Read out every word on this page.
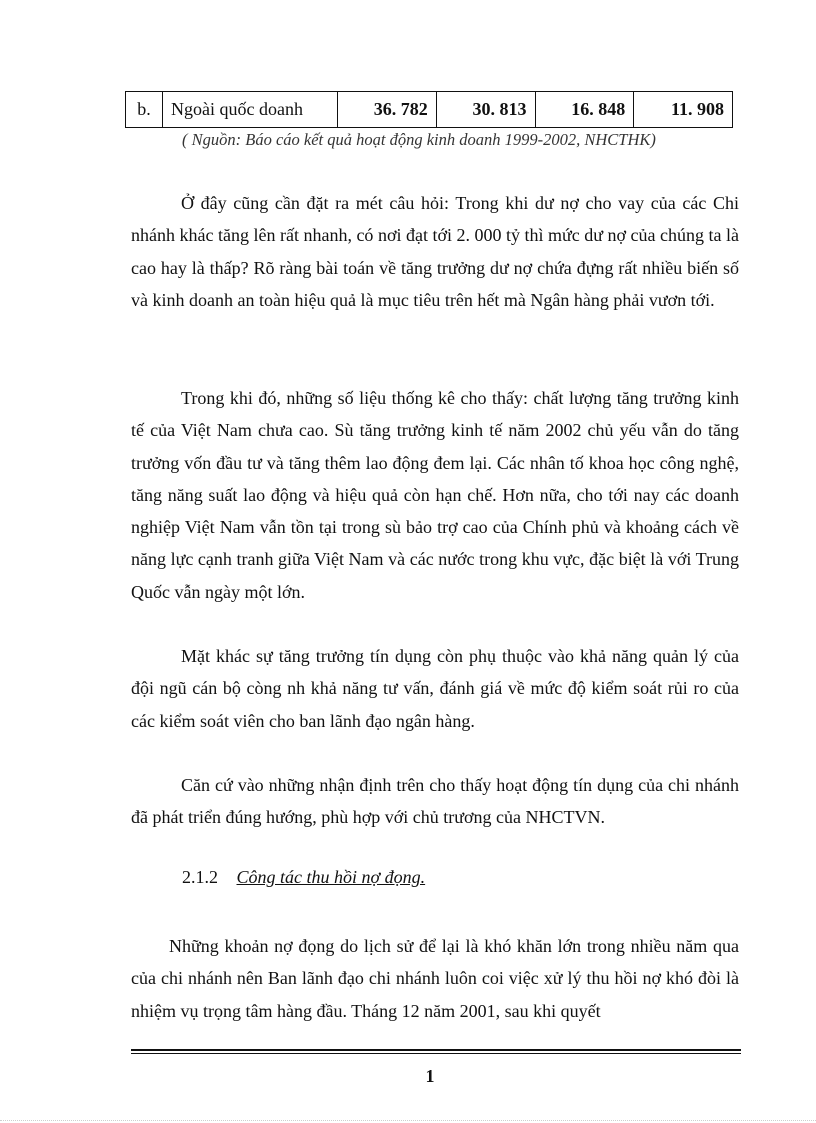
b.	Ngoài quốc doanh	36. 782	30. 813	16. 848	11. 908
( Nguồn: Báo cáo kết quả hoạt động kinh doanh 1999-2002, NHCTHK)

Ở đây cũng cần đặt ra mét câu hỏi: Trong khi dư nợ cho vay của các Chi nhánh khác tăng lên rất nhanh, có nơi đạt tới 2. 000 tỷ thì mức dư nợ của chúng ta là cao hay là thấp? Rõ ràng bài toán về tăng trưởng dư nợ chứa đựng rất nhiều biến số và kinh doanh an toàn hiệu quả là mục tiêu trên hết mà Ngân hàng phải vươn tới.

Trong khi đó, những số liệu thống kê cho thấy: chất lượng tăng trưởng kinh tế của Việt Nam chưa cao. Sù tăng trưởng kinh tế năm 2002 chủ yếu vẫn do tăng trưởng vốn đầu tư và tăng thêm lao động đem lại. Các nhân tố khoa học công nghệ, tăng năng suất lao động và hiệu quả còn hạn chế. Hơn nữa, cho tới nay các doanh nghiệp Việt Nam vẫn tồn tại trong sù bảo trợ cao của Chính phủ và khoảng cách về năng lực cạnh tranh giữa Việt Nam và các nước trong khu vực, đặc biệt là với Trung Quốc vẫn ngày một lớn.

Mặt khác sự tăng trưởng tín dụng còn phụ thuộc vào khả năng quản lý của đội ngũ cán bộ còng nh khả năng tư vấn, đánh giá về mức độ kiểm soát rủi ro của các kiểm soát viên cho ban lãnh đạo ngân hàng.

Căn cứ vào những nhận định trên cho thấy hoạt động tín dụng của chi nhánh đã phát triển đúng hướng, phù hợp với chủ trương của NHCTVN.

2.1.2 Công tác thu hồi nợ đọng.

Những khoản nợ đọng do lịch sử để lại là khó khăn lớn trong nhiều năm qua của chi nhánh nên Ban lãnh đạo chi nhánh luôn coi việc xử lý thu hồi nợ khó đòi là nhiệm vụ trọng tâm hàng đầu. Tháng 12 năm 2001, sau khi quyết

1
